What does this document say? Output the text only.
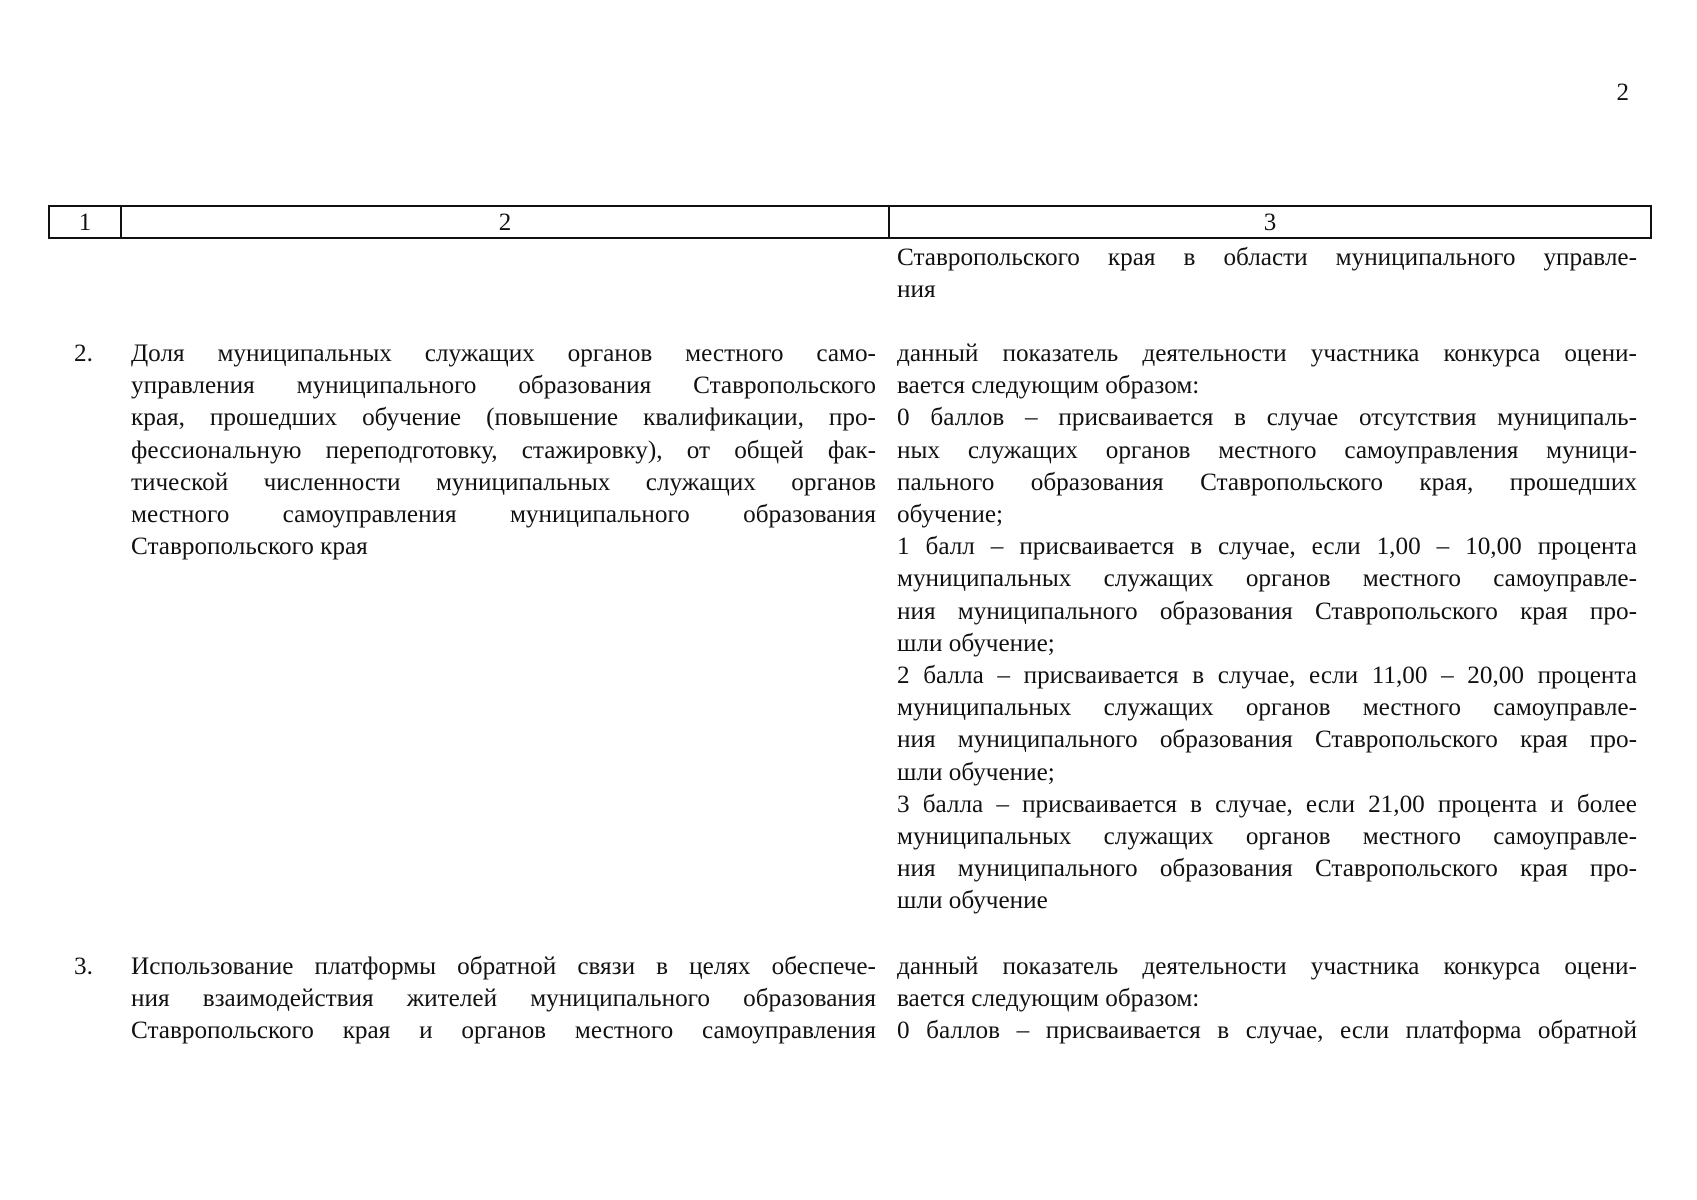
2
1	2	3
Ставропольского края в области муниципального управле-
ния
2. Доля муниципальных служащих органов местного само-
управления муниципального образования Ставропольского
края, прошедших обучение (повышение квалификации, про-
фессиональную переподготовку, стажировку), от общей фак-
тической численности муниципальных служащих органов
местного самоуправления муниципального образования
Ставропольского края
данный показатель деятельности участника конкурса оцени-
вается следующим образом:
0 баллов – присваивается в случае отсутствия муниципаль-
ных служащих органов местного самоуправления муници-
пального образования Ставропольского края, прошедших
обучение;
1 балл – присваивается в случае, если 1,00 – 10,00 процента
муниципальных служащих органов местного самоуправле-
ния муниципального образования Ставропольского края про-
шли обучение;
2 балла – присваивается в случае, если 11,00 – 20,00 процента
муниципальных служащих органов местного самоуправле-
ния муниципального образования Ставропольского края про-
шли обучение;
3 балла – присваивается в случае, если 21,00 процента и более
муниципальных служащих органов местного самоуправле-
ния муниципального образования Ставропольского края про-
шли обучение
3. Использование платформы обратной связи в целях обеспече-
ния взаимодействия жителей муниципального образования
Ставропольского края и органов местного самоуправления
данный показатель деятельности участника конкурса оцени-
вается следующим образом:
0 баллов – присваивается в случае, если платформа обратной
